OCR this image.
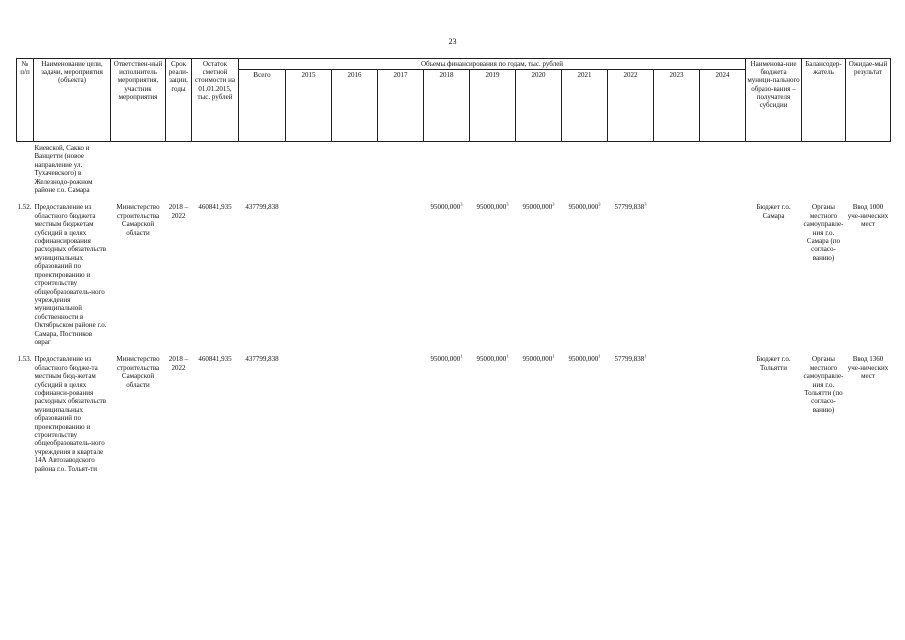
23
№ п/п	Наименование цели, задачи, мероприятия (объекта)	Ответствен-ный исполнитель мероприятия, участник мероприятия	Срок реали-зации, годы	Остаток сметной стоимости на 01.01.2015, тыс. рублей	Объемы финансирования по годам, тыс. рублей											Наименова-ние бюджета муници-пального образо-вания – получателя субсидии	Балансодер-жатель	Ожидае-мый результат
					Всего	2015	2016	2017	2018	2019	2020	2021	2022	2023	2024			
	Киевской, Сакко и Ванцетти (новое направление ул. Тухачевского) в Железнодо-рожном районе г.о. Самара																	
1.52.	Предоставление из областного бюджета местным бюджетам субсидий в целях софинансирования расходных обязательств муниципальных образований по проектированию и строительству общеобразователь-ного учреждения муниципальной собственности в Октябрьском районе г.о. Самара, Постников овраг	Министерство строительства Самарской области	2018 – 2022	460841,935	437799,838				95000,000$^3$	95000,000$^3$	95000,000$^3$	95000,000$^3$	57799,838$^3$			Бюджет г.о. Самара	Органы местного самоуправле-ния г.о. Самара (по согласо-ванию)	Ввод 1000 уче-нических мест
1.53.	Предоставление из областного бюдже-та местным бюд-жетам субсидий в целях софинанси-рования расходных обязательств муниципальных образований по проектированию и строительству общеобразователь-ного учреждения в квартале 14А Автозаводского района г.о. Тольят-ти	Министерство строительства Самарской области	2018 – 2022	460841,935	437799,838				95000,000$^1$	95000,000$^1$	95000,000$^1$	95000,000$^1$	57799,838$^1$			Бюджет г.о. Тольятти	Органы местного самоуправле-ния г.о. Тольятти (по согласо-ванию)	Ввод 1360 уче-нических мест
